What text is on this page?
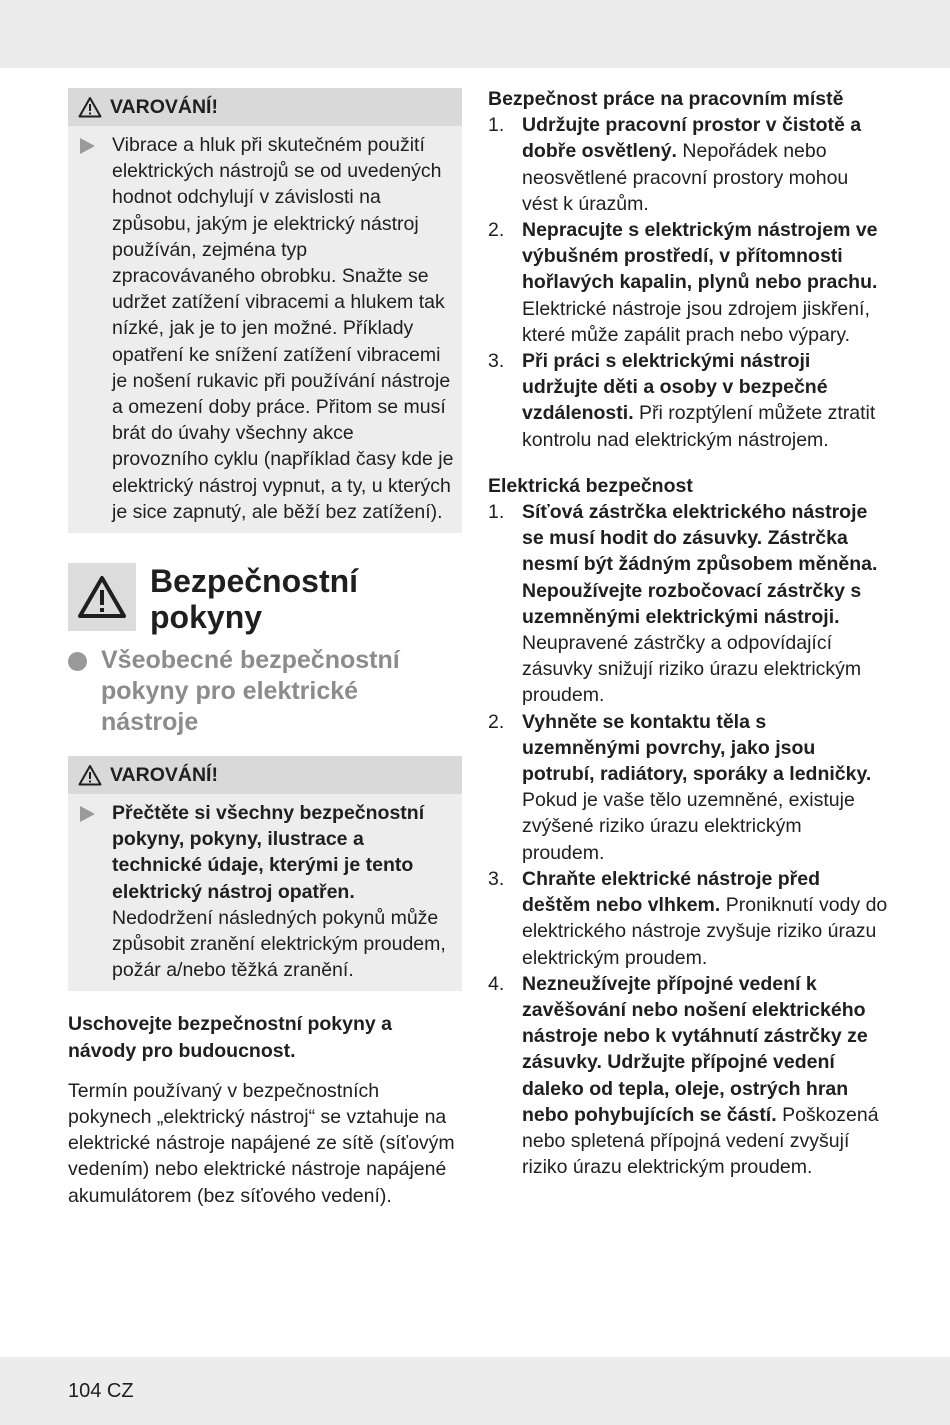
VAROVÁNÍ!
Vibrace a hluk při skutečném použití elektrických nástrojů se od uvedených hodnot odchylují v závislosti na způsobu, jakým je elektrický nástroj používán, zejména typ zpracovávaného obrobku. Snažte se udržet zatížení vibracemi a hlukem tak nízké, jak je to jen možné. Příklady opatření ke snížení zatížení vibracemi je nošení rukavic při používání nástroje a omezení doby práce. Přitom se musí brát do úvahy všechny akce provozního cyklu (například časy kde je elektrický nástroj vypnut, a ty, u kterých je sice zapnutý, ale běží bez zatížení).
Bezpečnostní pokyny
Všeobecné bezpečnostní pokyny pro elektrické nástroje
VAROVÁNÍ!
Přečtěte si všechny bezpečnostní pokyny, pokyny, ilustrace a technické údaje, kterými je tento elektrický nástroj opatřen. Nedodržení následných pokynů může způsobit zranění elektrickým proudem, požár a/nebo těžká zranění.
Uschovejte bezpečnostní pokyny a návody pro budoucnost.
Termín používaný v bezpečnostních pokynech „elektrický nástroj“ se vztahuje na elektrické nástroje napájené ze sítě (síťovým vedením) nebo elektrické nástroje napájené akumulátorem (bez síťového vedení).
Bezpečnost práce na pracovním místě
1. Udržujte pracovní prostor v čistotě a dobře osvětlený. Nepořádek nebo neosvětlené pracovní prostory mohou vést k úrazům.
2. Nepracujte s elektrickým nástrojem ve výbušném prostředí, v přítomnosti hořlavých kapalin, plynů nebo prachu. Elektrické nástroje jsou zdrojem jiskření, které může zapálit prach nebo výpary.
3. Při práci s elektrickými nástroji udržujte děti a osoby v bezpečné vzdálenosti. Při rozptýlení můžete ztratit kontrolu nad elektrickým nástrojem.
Elektrická bezpečnost
1. Síťová zástrčka elektrického nástroje se musí hodit do zásuvky. Zástrčka nesmí být žádným způsobem měněna. Nepoužívejte rozbočovací zástrčky s uzemněnými elektrickými nástroji. Neupravené zástrčky a odpovídající zásuvky snižují riziko úrazu elektrickým proudem.
2. Vyhněte se kontaktu těla s uzemněnými povrchy, jako jsou potrubí, radiátory, sporáky a ledničky. Pokud je vaše tělo uzemněné, existuje zvýšené riziko úrazu elektrickým proudem.
3. Chraňte elektrické nástroje před deštěm nebo vlhkem. Proniknutí vody do elektrického nástroje zvyšuje riziko úrazu elektrickým proudem.
4. Nezneužívejte přípojné vedení k zavěšování nebo nošení elektrického nástroje nebo k vytáhnutí zástrčky ze zásuvky. Udržujte přípojné vedení daleko od tepla, oleje, ostrých hran nebo pohybujících se částí. Poškozená nebo spletená přípojná vedení zvyšují riziko úrazu elektrickým proudem.
104 CZ
